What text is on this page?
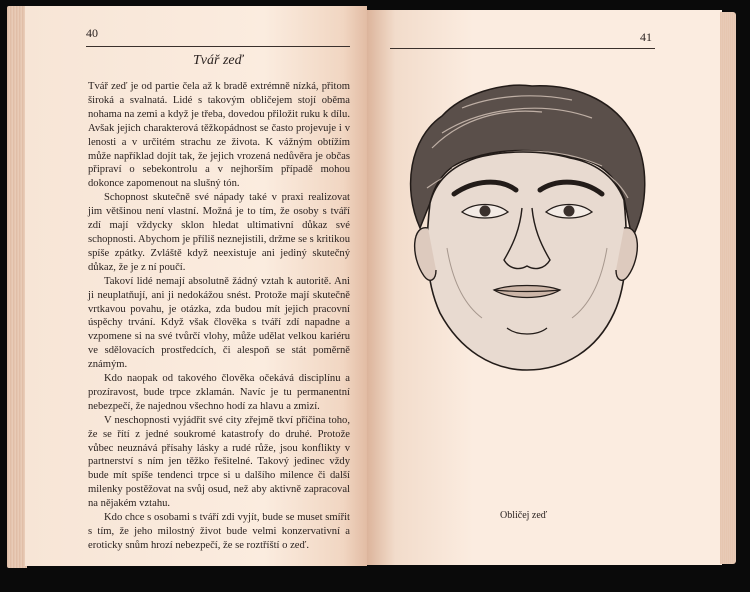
40
Tvář zeď

Tvář zeď je od partie čela až k bradě extrémně nízká, přitom široká a svalnatá. Lidé s takovým obličejem stojí oběma nohama na zemi a když je třeba, dovedou přiložit ruku k dílu. Avšak jejich charakterová těžkopádnost se často projevuje i v lenosti a v určitém strachu ze života. K vážným obtížím může například dojít tak, že jejich vrozená nedůvěra je občas připraví o sebekontrolu a v nejhorším případě mohou dokonce zapomenout na slušný tón.

Schopnost skutečně své nápady také v praxi realizovat jim většinou není vlastní. Možná je to tím, že osoby s tváří zdí mají vždycky sklon hledat ultimativní důkaz své schopnosti. Abychom je příliš neznejistili, držme se s kritikou spíše zpátky. Zvláště když neexistuje ani jediný skutečný důkaz, že je z ní poučí.

Takoví lidé nemají absolutně žádný vztah k autoritě. Ani ji neuplatňují, ani ji nedokážou snést. Protože mají skutečně vrtkavou povahu, je otázka, zda budou mít jejich pracovní úspěchy trvání. Když však člověka s tváří zdí napadne a vzpomene si na své tvůrčí vlohy, může udělat velkou kariéru ve sdělovacích prostředcích, či alespoň se stát poměrně známým.

Kdo naopak od takového člověka očekává disciplínu a prozíravost, bude trpce zklamán. Navíc je tu permanentní nebezpečí, že najednou všechno hodí za hlavu a zmizí.

V neschopnosti vyjádřit své city zřejmě tkví příčina toho, že se řítí z jedné soukromé katastrofy do druhé. Protože vůbec neuznává přísahy lásky a rudé růže, jsou konflikty v partnerství s ním jen těžko řešitelné. Takový jedinec vždy bude mít spíše tendenci trpce si u dalšího milence či další milenky postěžovat na svůj osud, než aby aktivně zapracoval na nějakém vztahu.

Kdo chce s osobami s tváří zdi vyjít, bude se muset smířit s tím, že jeho milostný život bude velmi konzervativní a eroticky snům hrozí nebezpečí, že se roztříští o zeď.

41
Obličej zeď
